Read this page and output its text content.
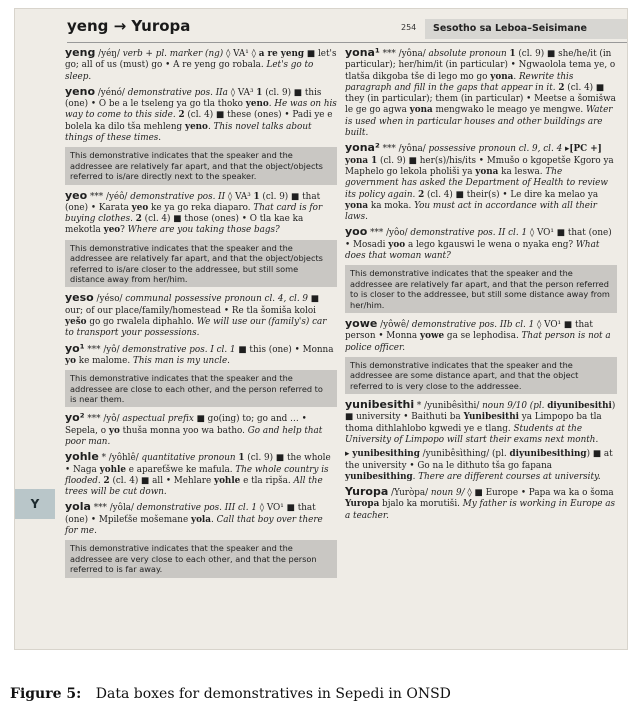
yeng → Yuropa	254	Sesotho sa Leboa–Seisimane
yeng /yéŋ/ verb + pl. marker (ng) ◊ VA¹ ◊ a re yeng ■ let's go; all of us (must) go • A re yeng go robala. Let's go to sleep.
yeno /yénó/ demonstrative pos. IIa ◊ VA³ 1 (cl. 9) ■ this (one) • O be a le tseleng ya go tla thoko yeno. He was on his way to come to this side. 2 (cl. 4) ■ these (ones) • Padi ye e bolela ka dilo tša mehleng yeno. This novel talks about things of these times.
This demonstrative indicates that the speaker and the addressee are relatively far apart, and that the object/objects referred to is/are directly next to the speaker.
yeo *** /yéô/ demonstrative pos. II ◊ VA³ 1 (cl. 9) ■ that (one) • Karata yeo ke ya go reka diaparo. That card is for buying clothes. 2 (cl. 4) ■ those (ones) • O tla kae ka mekotla yeo? Where are you taking those bags?
This demonstrative indicates that the speaker and the addressee are relatively far apart, and that the object/objects referred to is/are closer to the addressee, but still some distance away from her/him.
yeso /yéso/ communal possessive pronoun cl. 4, cl. 9 ■ our; of our place/family/homestead • Re tla šomiša koloi yešo go go rwalela diphahlo. We will use our (family's) car to transport your possessions.
yo¹ *** /yô/ demonstrative pos. I cl. 1 ■ this (one) • Monna yo ke malome. This man is my uncle.
This demonstrative indicates that the speaker and the addressee are close to each other, and the person referred to is near them.
yo² *** /yô/ aspectual prefix ■ go(ing) to; go and … • Sepela, o yo thuša monna yoo wa batho. Go and help that poor man.
yohle * /yôhlê/ quantitative pronoun 1 (cl. 9) ■ the whole • Naga yohle e apareťšwe ke mafula. The whole country is flooded. 2 (cl. 4) ■ all • Mehlare yohle e tla ripša. All the trees will be cut down.
yola *** /yôla/ demonstrative pos. III cl. 1 ◊ VO¹ ■ that (one) • Mpileťše mošemane yola. Call that boy over there for me.
This demonstrative indicates that the speaker and the addressee are very close to each other, and that the person referred to is far away.
yona¹ *** /yôna/ absolute pronoun 1 (cl. 9) ■ she/he/it (in particular); her/him/it (in particular) • Ngwaolola tema ye, o tlatša dikgoba tše di lego mo go yona. Rewrite this paragraph and fill in the gaps that appear in it. 2 (cl. 4) ■ they (in particular); them (in particular) • Meetse a šomišwa le ge go agwa yona mengwako le meago ye mengwe. Water is used when in particular houses and other buildings are built.
yona² *** /yôna/ possessive pronoun cl. 9, cl. 4 ▸[PC +] yona 1 (cl. 9) ■ her(s)/his/its • Mmušo o kgopetše Kgoro ya Maphelo go lekola pholiši ya yona ka leswa. The government has asked the Department of Health to review its policy again. 2 (cl. 4) ■ their(s) • Le dire ka melao ya yona ka moka. You must act in accordance with all their laws.
yoo *** /yôo/ demonstrative pos. II cl. 1 ◊ VO¹ ■ that (one) • Mosadi yoo a lego kgauswi le wena o nyaka eng? What does that woman want?
This demonstrative indicates that the speaker and the addressee are relatively far apart, and that the person referred to is closer to the addressee, but still some distance away from her/him.
yowe /yôwê/ demonstrative pos. IIb cl. 1 ◊ VO¹ ■ that person • Monna yowe ga se lephodisa. That person is not a police officer.
This demonstrative indicates that the speaker and the addressee are some distance apart, and that the object referred to is very close to the addressee.
yunibesithi * /yunibêsìthi/ noun 9/10 (pl. diyunibesithi) ■ university • Baithuti ba Yunibesithi ya Limpopo ba tla thoma dithlahlobo kgwedi ye e tlang. Students at the University of Limpopo will start their exams next month.
▸ yunibesithing /yunibêsìthing/ (pl. diyunibesithing) ■ at the university • Go na le dithuto tša go fapana yunibesithing. There are different courses at university.
Yuropa /Yuròpa/ noun 9/ ◊ ■ Europe • Papa wa ka o šoma Yuropa bjalo ka morutiši. My father is working in Europe as a teacher.
Y
Figure 5: Data boxes for demonstratives in Sepedi in ONSD
